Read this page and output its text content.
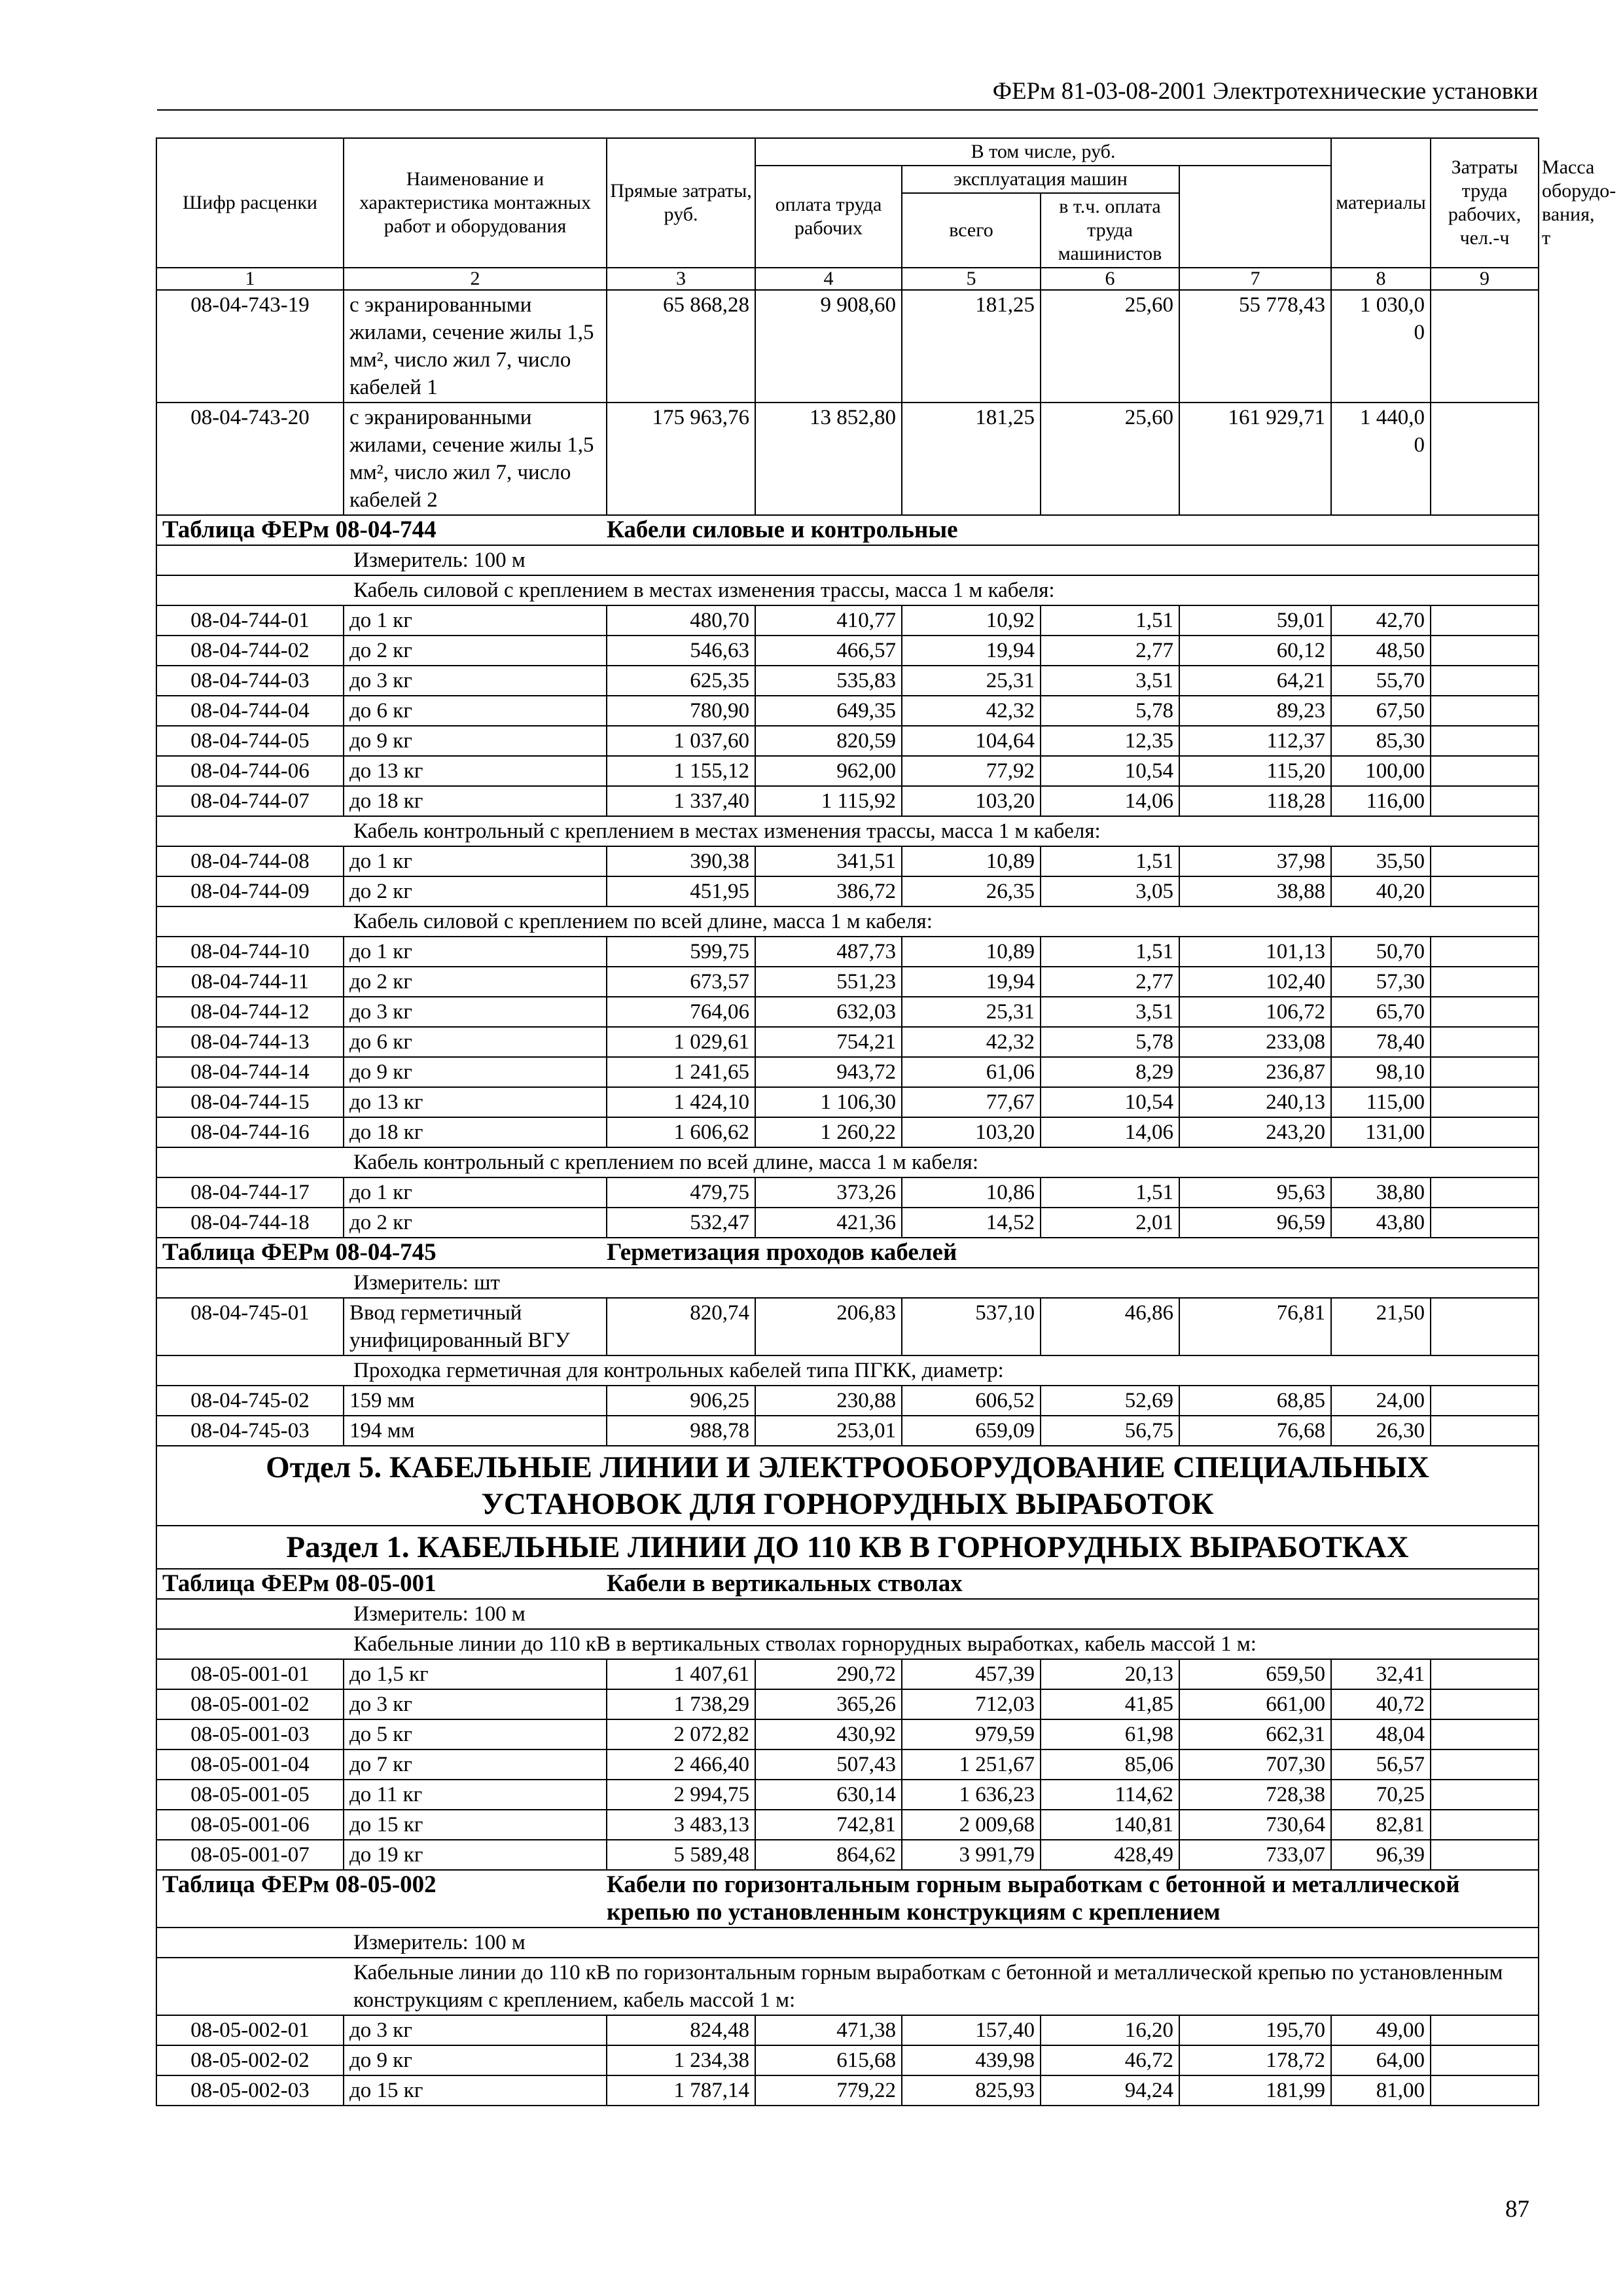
ФЕРм 81-03-08-2001 Электротехнические установки
Шифр расценки	Наименование и характеристика монтажных работ и оборудования	Прямые затраты, руб.	В том числе, руб.				материалы	Затраты труда рабочих, чел.-ч	Масса оборудо-вания, т
			оплата труда рабочих	эксплуатация машин					
				всего	в т.ч. оплата труда машинистов				

1	2	3	4	5	6	7	8	9	
08-04-743-19	с экранированными жилами, сечение жилы 1,5 мм², число жил 7, число кабелей 1	65 868,28	9 908,60	181,25	25,60	55 778,43	1 030,0
0		
08-04-743-20	с экранированными жилами, сечение жилы 1,5 мм², число жил 7, число кабелей 2	175 963,76	13 852,80	181,25	25,60	161 929,71	1 440,0
0		
Таблица ФЕРм 08-04-744		Кабели силовые и контрольные							
Измеритель: 100 м									
Кабель силовой с креплением в местах изменения трассы, масса 1 м кабеля:									
08-04-744-01	до 1 кг	480,70	410,77	10,92	1,51	59,01	42,70		
08-04-744-02	до 2 кг	546,63	466,57	19,94	2,77	60,12	48,50		
08-04-744-03	до 3 кг	625,35	535,83	25,31	3,51	64,21	55,70		
08-04-744-04	до 6 кг	780,90	649,35	42,32	5,78	89,23	67,50		
08-04-744-05	до 9 кг	1 037,60	820,59	104,64	12,35	112,37	85,30		
08-04-744-06	до 13 кг	1 155,12	962,00	77,92	10,54	115,20	100,00		
08-04-744-07	до 18 кг	1 337,40	1 115,92	103,20	14,06	118,28	116,00		
Кабель контрольный с креплением в местах изменения трассы, масса 1 м кабеля:									
08-04-744-08	до 1 кг	390,38	341,51	10,89	1,51	37,98	35,50		
08-04-744-09	до 2 кг	451,95	386,72	26,35	3,05	38,88	40,20		
Кабель силовой с креплением по всей длине, масса 1 м кабеля:									
08-04-744-10	до 1 кг	599,75	487,73	10,89	1,51	101,13	50,70		
08-04-744-11	до 2 кг	673,57	551,23	19,94	2,77	102,40	57,30		
08-04-744-12	до 3 кг	764,06	632,03	25,31	3,51	106,72	65,70		
08-04-744-13	до 6 кг	1 029,61	754,21	42,32	5,78	233,08	78,40		
08-04-744-14	до 9 кг	1 241,65	943,72	61,06	8,29	236,87	98,10		
08-04-744-15	до 13 кг	1 424,10	1 106,30	77,67	10,54	240,13	115,00		
08-04-744-16	до 18 кг	1 606,62	1 260,22	103,20	14,06	243,20	131,00		
Кабель контрольный с креплением по всей длине, масса 1 м кабеля:									
08-04-744-17	до 1 кг	479,75	373,26	10,86	1,51	95,63	38,80		
08-04-744-18	до 2 кг	532,47	421,36	14,52	2,01	96,59	43,80		
Таблица ФЕРм 08-04-745		Герметизация проходов кабелей							
Измеритель: шт									
08-04-745-01	Ввод герметичный унифицированный ВГУ	820,74	206,83	537,10	46,86	76,81	21,50		
Проходка герметичная для контрольных кабелей типа ПГКК, диаметр:									
08-04-745-02	159 мм	906,25	230,88	606,52	52,69	68,85	24,00		
08-04-745-03	194 мм	988,78	253,01	659,09	56,75	76,68	26,30		
Отдел 5. КАБЕЛЬНЫЕ ЛИНИИ И ЭЛЕКТРООБОРУДОВАНИЕ СПЕЦИАЛЬНЫХ УСТАНОВОК ДЛЯ ГОРНОРУДНЫХ ВЫРАБОТОК									
Раздел 1. КАБЕЛЬНЫЕ ЛИНИИ ДО 110 КВ В ГОРНОРУДНЫХ ВЫРАБОТКАХ									
Таблица ФЕРм 08-05-001		Кабели в вертикальных стволах							
Измеритель: 100 м									
Кабельные линии до 110 кВ в вертикальных стволах горнорудных выработках, кабель массой 1 м:									
08-05-001-01	до 1,5 кг	1 407,61	290,72	457,39	20,13	659,50	32,41		
08-05-001-02	до 3 кг	1 738,29	365,26	712,03	41,85	661,00	40,72		
08-05-001-03	до 5 кг	2 072,82	430,92	979,59	61,98	662,31	48,04		
08-05-001-04	до 7 кг	2 466,40	507,43	1 251,67	85,06	707,30	56,57		
08-05-001-05	до 11 кг	2 994,75	630,14	1 636,23	114,62	728,38	70,25		
08-05-001-06	до 15 кг	3 483,13	742,81	2 009,68	140,81	730,64	82,81		
08-05-001-07	до 19 кг	5 589,48	864,62	3 991,79	428,49	733,07	96,39		
Таблица ФЕРм 08-05-002		Кабели по горизонтальным горным выработкам с бетонной и металлической крепью по установленным конструкциям с креплением							
Измеритель: 100 м									
Кабельные линии до 110 кВ по горизонтальным горным выработкам с бетонной и металлической крепью по установленным конструкциям с креплением, кабель массой 1 м:									
08-05-002-01	до 3 кг	824,48	471,38	157,40	16,20	195,70	49,00		
08-05-002-02	до 9 кг	1 234,38	615,68	439,98	46,72	178,72	64,00		
08-05-002-03	до 15 кг	1 787,14	779,22	825,93	94,24	181,99	81,00		
87
